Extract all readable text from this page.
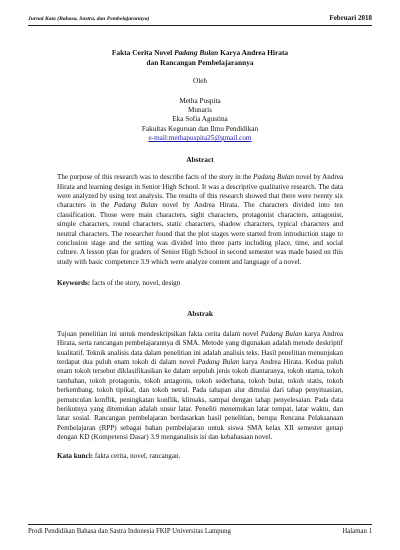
Jurnal Kata (Bahasa, Sastra, dan Pembelajarannya)	Februari 2018
Fakta Cerita Novel Padang Bulan Karya Andrea Hirata
dan Rancangan Pembelajarannya
Oleh
Metha Puspita
Munaris
Eka Sofia Agustina
Fakultas Keguruan dan Ilmu Pendidikan
e-mail:methapuspita25@gmail.com
Abstract
The purpose of this research was to describe facts of the story in the Padang Bulan novel by Andrea Hirata and learning design in Senior High School. It was a descriptive qualitative research. The data were analyzed by using text analysis. The results of this research showed that there were twenty six characters in the Padang Bulan novel by Andrea Hirata. The characters divided into ten classification. Those were main characters, sight characters, protagonist characters, antagonist, simple characters, round characters, static characters, shadow characters, typical characters and neutral characters. The researcher found that the plot stages were started from introduction stage to conclusion stage and the setting was divided into three parts including place, time, and social culture. A lesson plan for graders of Senior High School in second semester was made based on this study with basic competence 3.9 which were analyze content and language of a novel.
Keywords: facts of the story, novel, design
Abstrak
Tujuan penelitian ini untuk mendeskripsikan fakta cerita dalam novel Padang Bulan karya Andrea Hirata, serta rancangan pembelajarannya di SMA. Metode yang digunakan adalah metode deskriptif kualitatif. Teknik analisis data dalam penelitian ini adalah analisis teks. Hasil penelitian menunjukan terdapat dua puluh enam tokoh di dalam novel Padang Bulan karya Andrea Hirata. Kedua puluh enam tokoh tersebut diklasifikasikan ke dalam sepuluh jenis tokoh diantaranya, tokoh utama, tokoh tambahan, tokoh protagonis, tokoh antagonis, tokoh sederhana, tokoh bulat, tokoh statis, tokoh berkembang, tokoh tipikal, dan tokoh netral. Pada tahapan alur dimulai dari tahap penyituasian, pemunculan konflik, peningkatan konflik, klimaks, sampai dengan tahap penyelesaian. Pada data berikutnya yang ditemukan adalah unsur latar. Peneliti menemukan latar tempat, latar waktu, dan latar sosial. Rancangan pembelajaran berdasarkan hasil penelitian, berupa Rencana Pelaksanaan Pembelajaran (RPP) sebagai bahan pembelajaran untuk siswa SMA kelas XII semester genap dengan KD (Kompetensi Dasar) 3.9 menganalisis isi dan kebahasaan novel.
Kata kunci: fakta cerita, novel, rancangan.
Prodi Pendidikan Bahasa dan Sastra Indonesia FKIP Universitas Lampung	Halaman 1
